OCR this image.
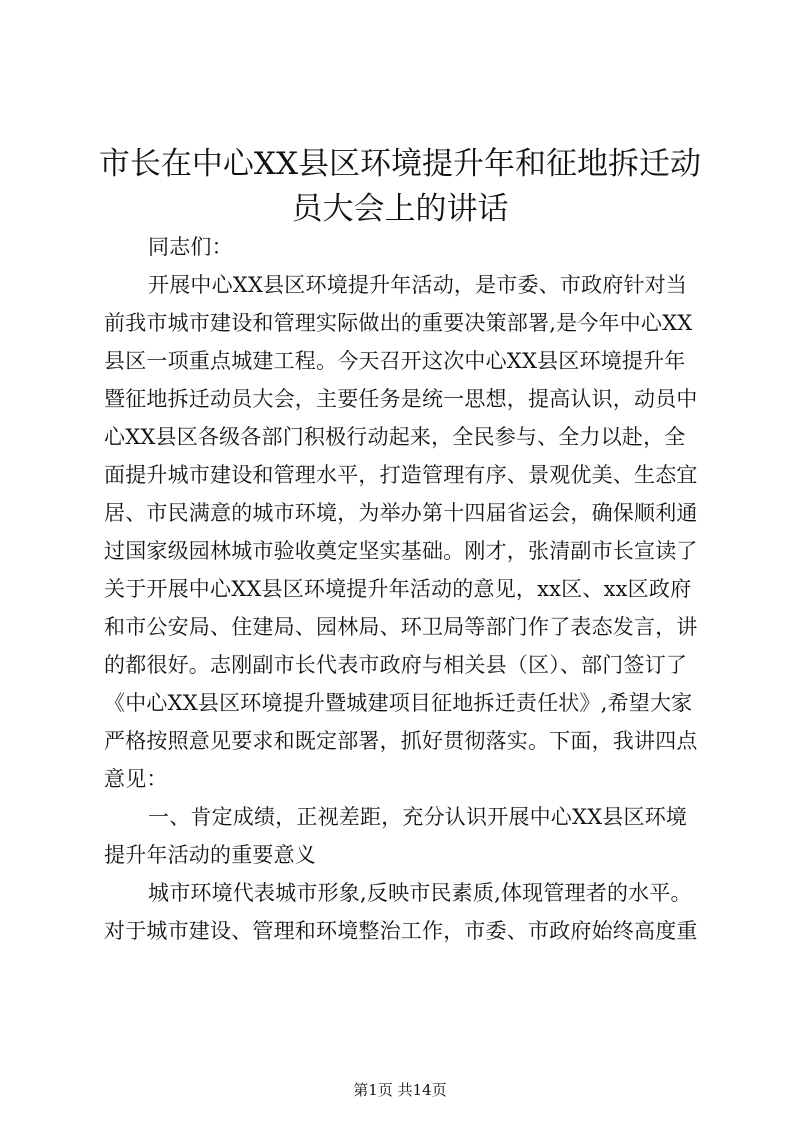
市长在中心XX县区环境提升年和征地拆迁动
员大会上的讲话
同志们：
开展中心XX县区环境提升年活动，是市委、市政府针对当
前我市城市建设和管理实际做出的重要决策部署,是今年中心XX
县区一项重点城建工程。今天召开这次中心XX县区环境提升年
暨征地拆迁动员大会，主要任务是统一思想，提高认识，动员中
心XX县区各级各部门积极行动起来，全民参与、全力以赴，全
面提升城市建设和管理水平，打造管理有序、景观优美、生态宜
居、市民满意的城市环境，为举办第十四届省运会，确保顺利通
过国家级园林城市验收奠定坚实基础。刚才，张清副市长宣读了
关于开展中心XX县区环境提升年活动的意见，xx区、xx区政府
和市公安局、住建局、园林局、环卫局等部门作了表态发言，讲
的都很好。志刚副市长代表市政府与相关县（区）、部门签订了
《中心XX县区环境提升暨城建项目征地拆迁责任状》,希望大家
严格按照意见要求和既定部署，抓好贯彻落实。下面，我讲四点
意见：
一、肯定成绩，正视差距，充分认识开展中心XX县区环境
提升年活动的重要意义
城市环境代表城市形象,反映市民素质,体现管理者的水平。
对于城市建设、管理和环境整治工作，市委、市政府始终高度重
第1页 共14页
